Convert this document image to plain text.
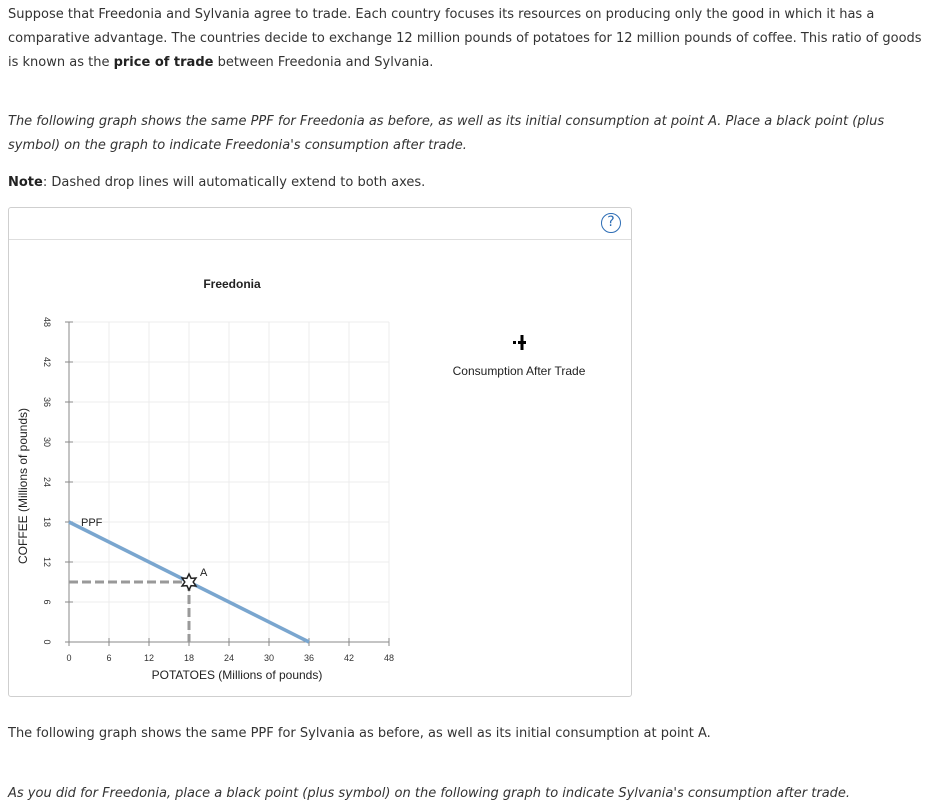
Suppose that Freedonia and Sylvania agree to trade. Each country focuses its resources on producing only the good in which it has a comparative advantage. The countries decide to exchange 12 million pounds of potatoes for 12 million pounds of coffee. This ratio of goods is known as the price of trade between Freedonia and Sylvania.

The following graph shows the same PPF for Freedonia as before, as well as its initial consumption at point A. Place a black point (plus symbol) on the graph to indicate Freedonia's consumption after trade.

Note: Dashed drop lines will automatically extend to both axes.

?
0	6	12	18	24	30	36	42	48
0
6
12
18
24
30
36
42
48
Freedonia
POTATOES (Millions of pounds)
COFFEE (Millions of pounds)	PPF
A
Consumption After Trade

The following graph shows the same PPF for Sylvania as before, as well as its initial consumption at point A.

As you did for Freedonia, place a black point (plus symbol) on the following graph to indicate Sylvania's consumption after trade.
